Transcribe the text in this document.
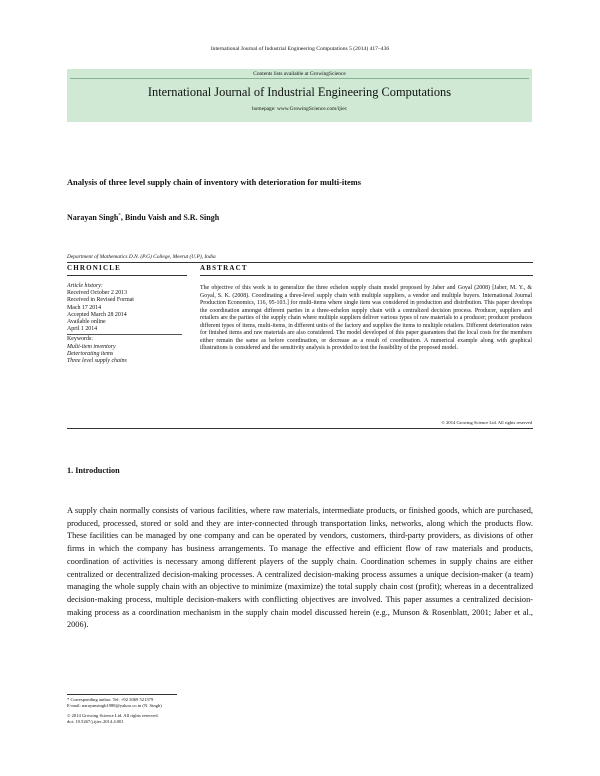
International Journal of Industrial Engineering Computations 5 (2014) 417–436
Contents lists available at GrowingScience
International Journal of Industrial Engineering Computations
homepage: www.GrowingScience.com/ijiec
Analysis of three level supply chain of inventory with deterioration for multi-items
Narayan Singh*, Bindu Vaish and S.R. Singh
Department of Mathematics D.N. (P.G) College, Meerut (U.P), India
CHRONICLE	ABSTRACT
Article history:
Received October 2 2013
Received in Revised Format
Mach 17 2014
Accepted March 28 2014
Available online
April 1 2014
Keywords:
Multi-item inventory
Deteriorating items
Three level supply chains
The objective of this work is to generalize the three echelon supply chain model proposed by Jaber and Goyal (2008) [Jaber, M. Y., & Goyal, S. K. (2008). Coordinating a three-level supply chain with multiple suppliers, a vendor and multiple buyers. International Journal Production Economics, 116, 95-103.] for multi-items where single item was considered in production and distribution. This paper develops the coordination amongst different parties in a three-echelon supply chain with a centralized decision process. Producer, suppliers and retailers are the parties of the supply chain where multiple suppliers deliver various types of raw materials to a producer; producer produces different types of items, multi-items, in different units of the factory and supplies the items to multiple retailers. Different deterioration rates for finished items and raw materials are also considered. The model developed of this paper guarantees that the local costs for the members either remain the same as before coordination, or decrease as a result of coordination. A numerical example along with graphical illustrations is considered and the sensitivity analysis is provided to test the feasibility of the proposed model.
© 2014 Growing Science Ltd. All rights reserved
1. Introduction
A supply chain normally consists of various facilities, where raw materials, intermediate products, or finished goods, which are purchased, produced, processed, stored or sold and they are inter-connected through transportation links, networks, along which the products flow. These facilities can be managed by one company and can be operated by vendors, customers, third-party providers, as divisions of other firms in which the company has business arrangements. To manage the effective and efficient flow of raw materials and products, coordination of activities is necessary among different players of the supply chain. Coordination schemes in supply chains are either centralized or decentralized decision-making processes. A centralized decision-making process assumes a unique decision-maker (a team) managing the whole supply chain with an objective to minimize (maximize) the total supply chain cost (profit); whereas in a decentralized decision-making process, multiple decision-makers with conflicting objectives are involved. This paper assumes a centralized decision-making process as a coordination mechanism in the supply chain model discussed herein (e.g., Munson & Rosenblatt, 2001; Jaber et al., 2006).
* Corresponding author. Tel: +92 3069 521379
E-mail: narayansingh1988@yahoo.co.in (N. Singh)
© 2014 Growing Science Ltd. All rights reserved.
doi: 10.5267/j.ijiec.2014.4.001
